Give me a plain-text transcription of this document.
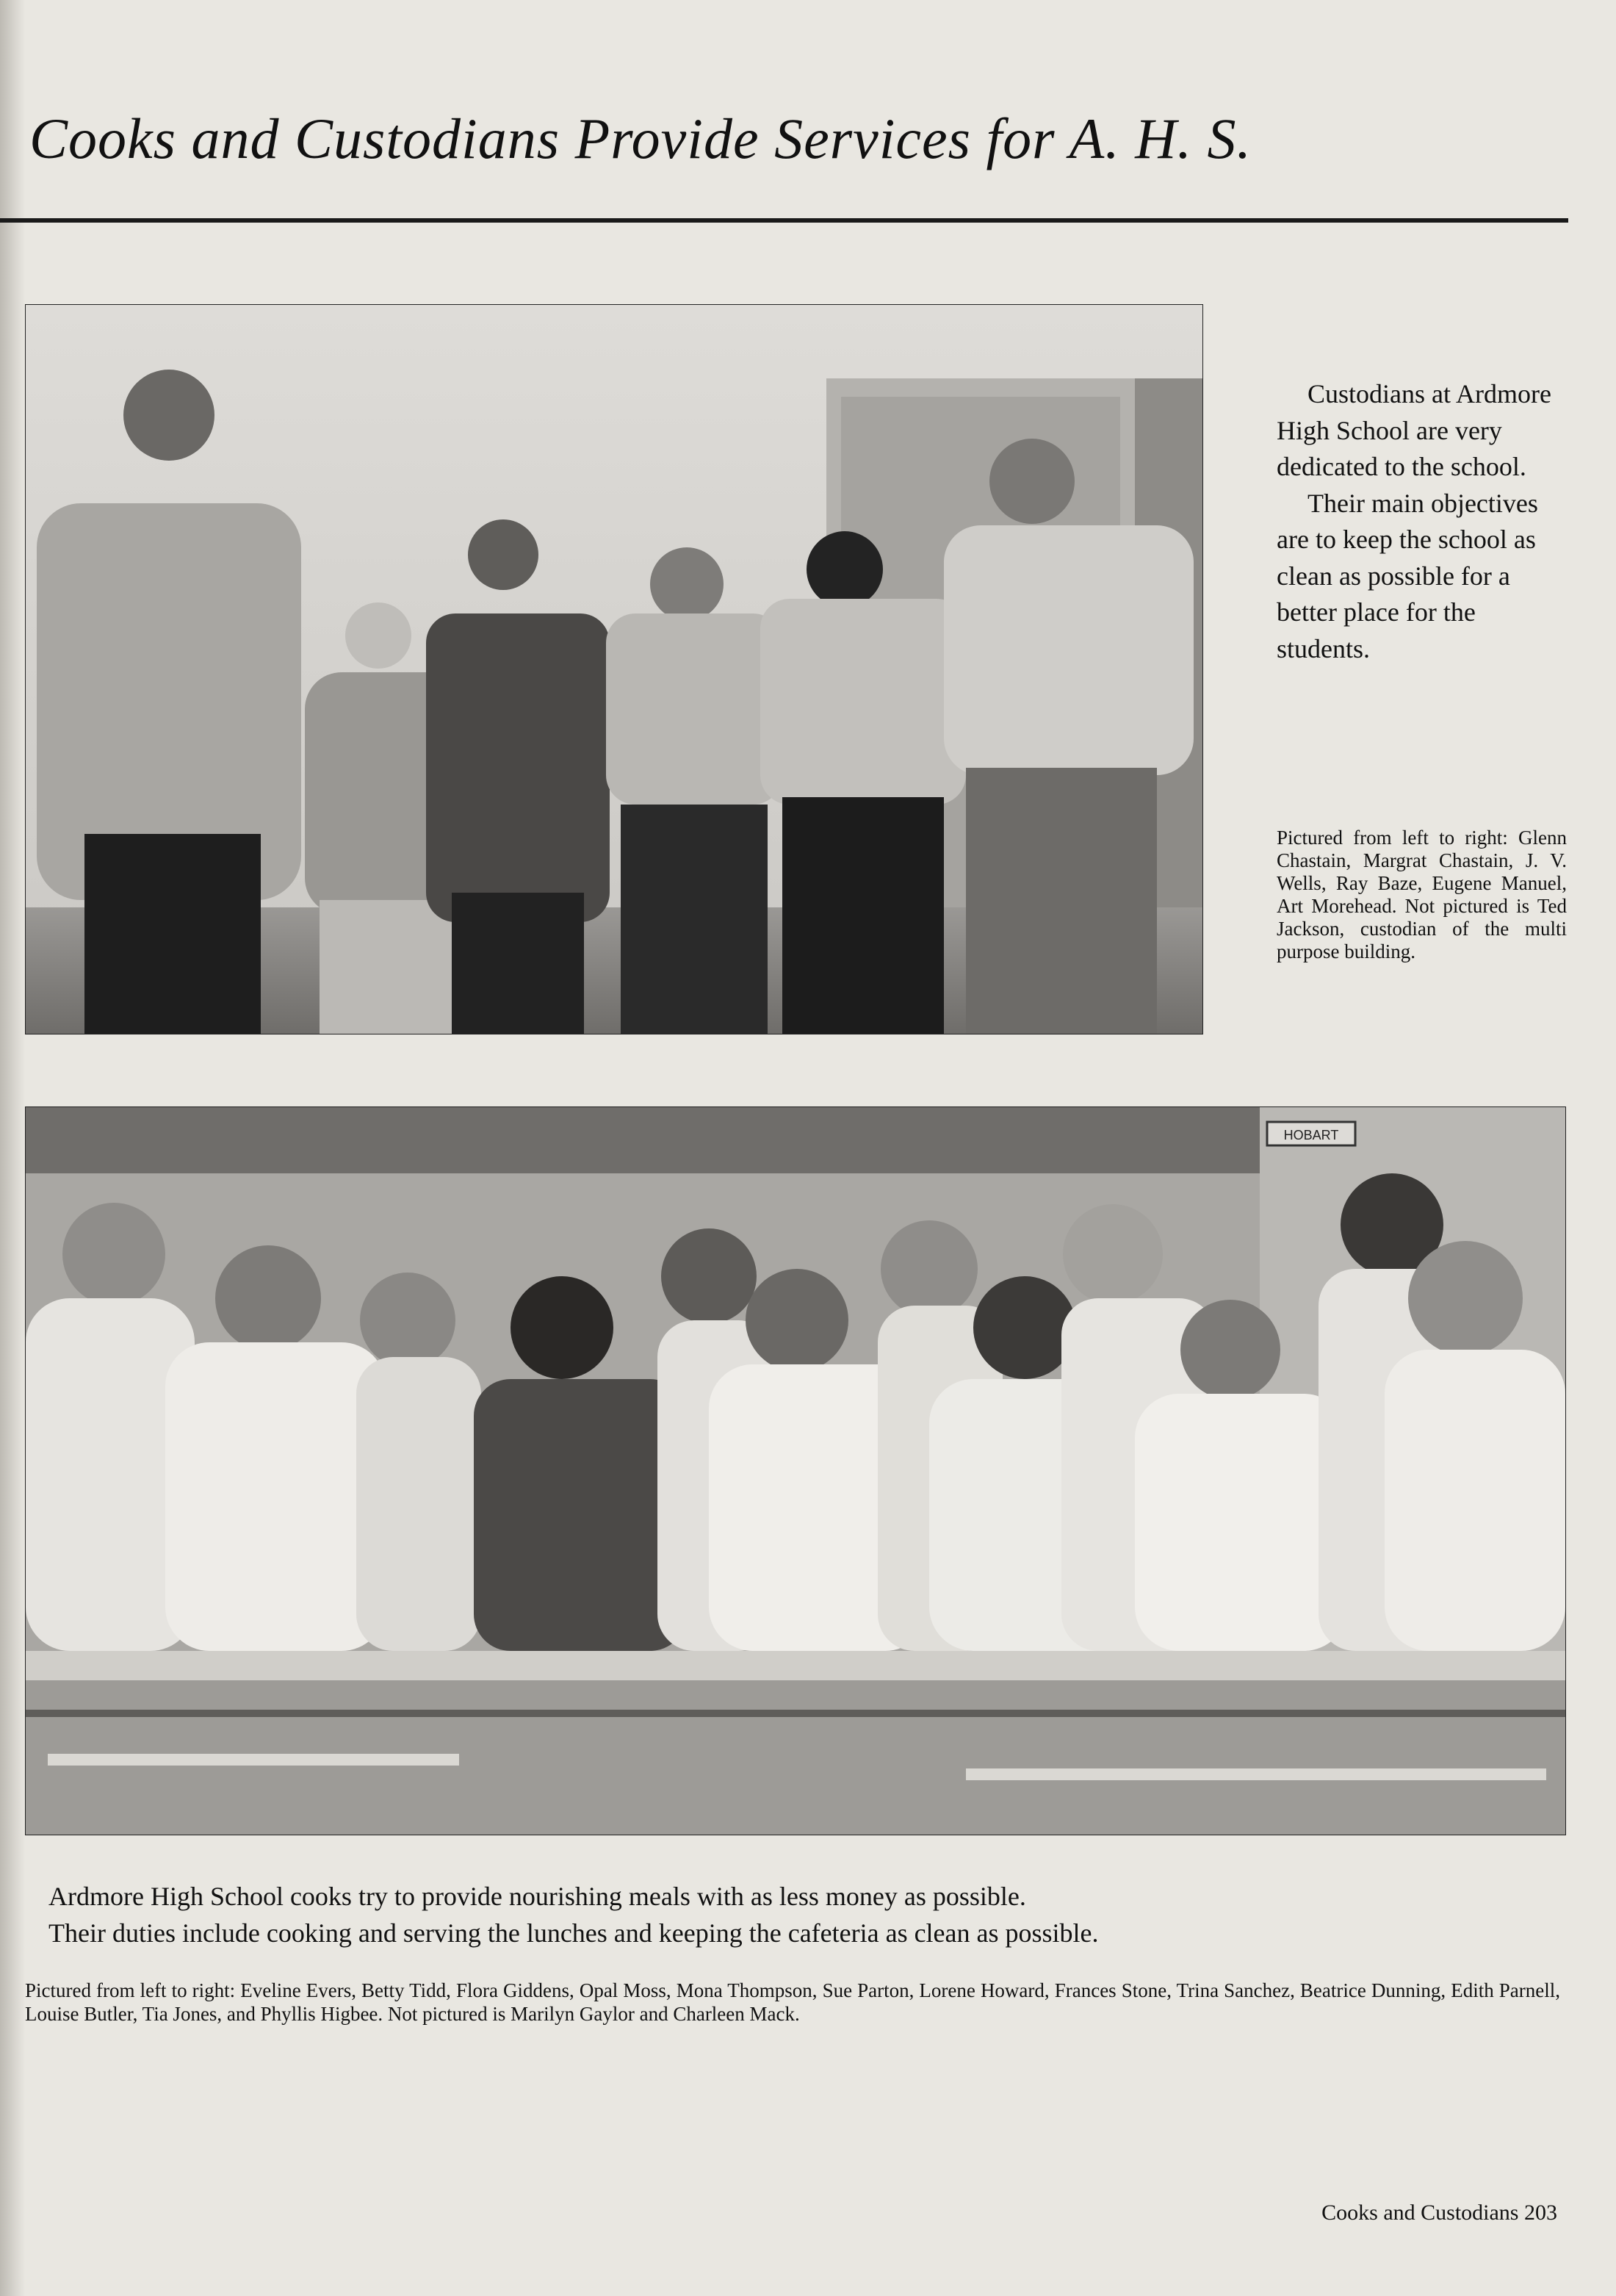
Cooks and Custodians Provide Services for A. H. S.

Custodians at Ardmore High School are very dedicated to the school.

Their main objectives are to keep the school as clean as possible for a better place for the students.

Pictured from left to right: Glenn Chastain, Margrat Chastain, J. V. Wells, Ray Baze, Eugene Manuel, Art Morehead. Not pictured is Ted Jackson, custodian of the multi purpose building.
HOBART

Ardmore High School cooks try to provide nourishing meals with as less money as possible.

Their duties include cooking and serving the lunches and keeping the cafeteria as clean as possible.

Pictured from left to right: Eveline Evers, Betty Tidd, Flora Giddens, Opal Moss, Mona Thompson, Sue Parton, Lorene Howard, Frances Stone, Trina Sanchez, Beatrice Dunning, Edith Parnell, Louise Butler, Tia Jones, and Phyllis Higbee. Not pictured is Marilyn Gaylor and Charleen Mack.
Cooks and Custodians 203
